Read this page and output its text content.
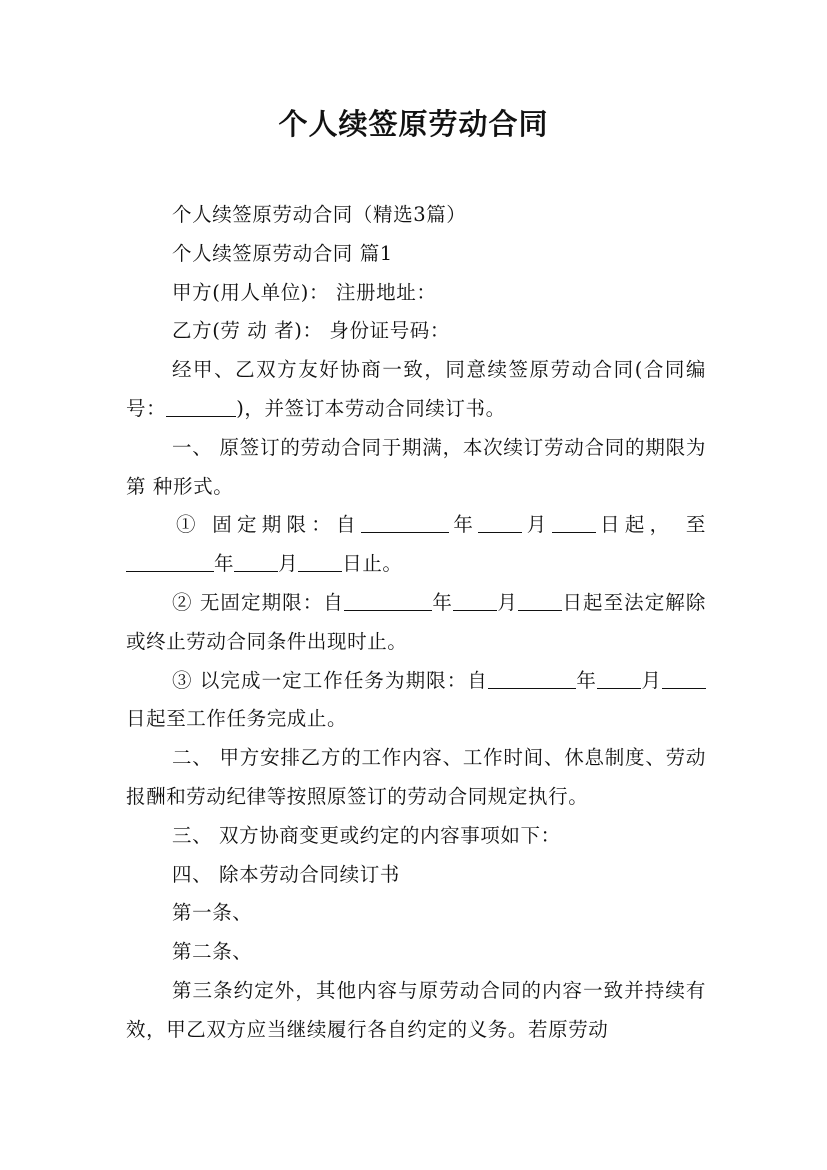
个人续签原劳动合同

个人续签原劳动合同（精选3篇）

个人续签原劳动合同 篇1

甲方(用人单位)： 注册地址：

乙方(劳 动 者)： 身份证号码：

经甲、乙双方友好协商一致，同意续签原劳动合同(合同编号：	)，并签订本劳动合同续订书。

一、 原签订的劳动合同于期满，本次续订劳动合同的期限为第 种形式。

① 固定期限：自	年 月 日起， 至年 月 日止。

② 无固定期限：自	年 月 日起至法定解除或终止劳动合同条件出现时止。

③ 以完成一定工作任务为期限：自	年 月日起至工作任务完成止。

二、 甲方安排乙方的工作内容、工作时间、休息制度、劳动报酬和劳动纪律等按照原签订的劳动合同规定执行。

三、 双方协商变更或约定的内容事项如下：

四、 除本劳动合同续订书

第一条、

第二条、

第三条约定外，其他内容与原劳动合同的内容一致并持续有效，甲乙双方应当继续履行各自约定的义务。若原劳动
